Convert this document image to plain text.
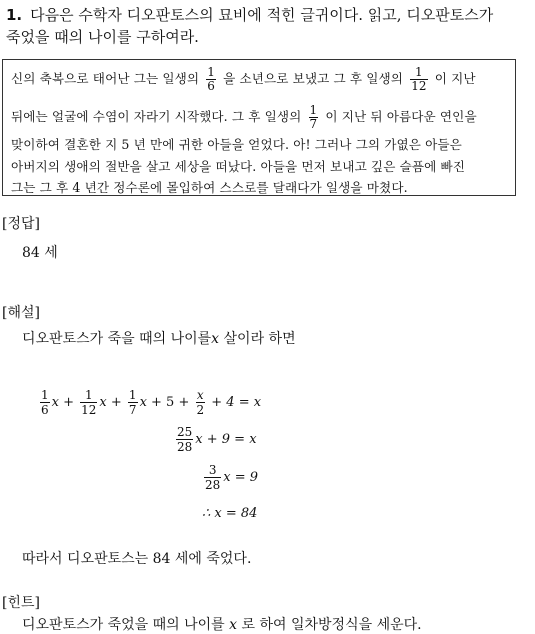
1. 다음은 수학자 디오판토스의 묘비에 적힌 글귀이다. 읽고, 디오판토스가
죽었을 때의 나이를 구하여라.
신의 축복으로 태어난 그는 일생의 $\frac{1}{6}$ 을 소년으로 보냈고 그 후 일생의 $\frac{1}{12}$ 이 지난
뒤에는 얼굴에 수염이 자라기 시작했다. 그 후 일생의 $\frac{1}{7}$ 이 지난 뒤 아름다운 연인을
맞이하여 결혼한 지 5 년 만에 귀한 아들을 얻었다. 아! 그러나 그의 가엾은 아들은
아버지의 생애의 절반을 살고 세상을 떠났다. 아들을 먼저 보내고 깊은 슬픔에 빠진
그는 그 후 4 년간 정수론에 몰입하여 스스로를 달래다가 일생을 마쳤다.
[정답]
84 세
[해설]
디오판토스가 죽을 때의 나이를x 살이라 하면
$\frac{1}{6}$ $x + \frac{1}{12}$ $x + \frac{1}{7}$ $x + 5 + \frac{x}{2} + 4 = x$
$\frac{25}{28}$ x + 9 = x
$\frac{3}{28}$ x = 9
∴ x = 84
따라서 디오판토스는 84 세에 죽었다.
[힌트]
디오판토스가 죽었을 때의 나이를 x 로 하여 일차방정식을 세운다.
